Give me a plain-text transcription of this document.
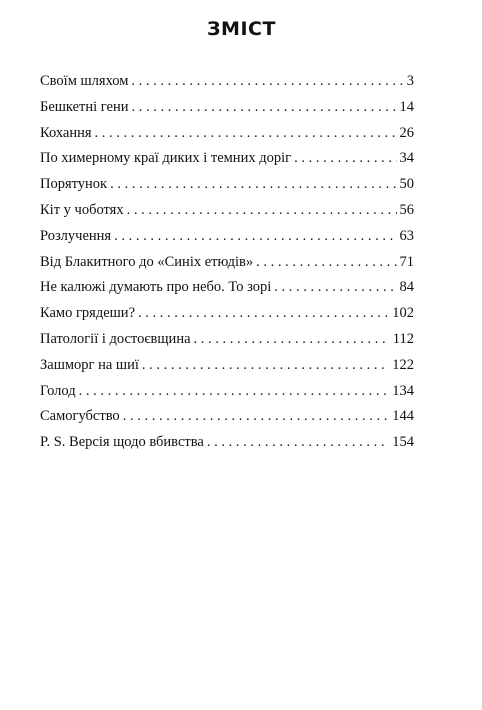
ЗМІСТ
Своїм шляхом . . .	3
Бешкетні гени . . .	14
Кохання . . .	26
По химерному краї диких і темних доріг . . .	34
Порятунок . . .	50
Кіт у чоботях . . .	56
Розлучення . . .	63
Від Блакитного до «Синіх етюдів» . . .	71
Не калюжі думають про небо. То зорі . . .	84
Камо грядеши? . . .	102
Патології і достоєвщина . . .	112
Зашморг на шиї . . .	122
Голод . . .	134
Самогубство . . .	144
P. S. Версія щодо вбивства . . .	154
